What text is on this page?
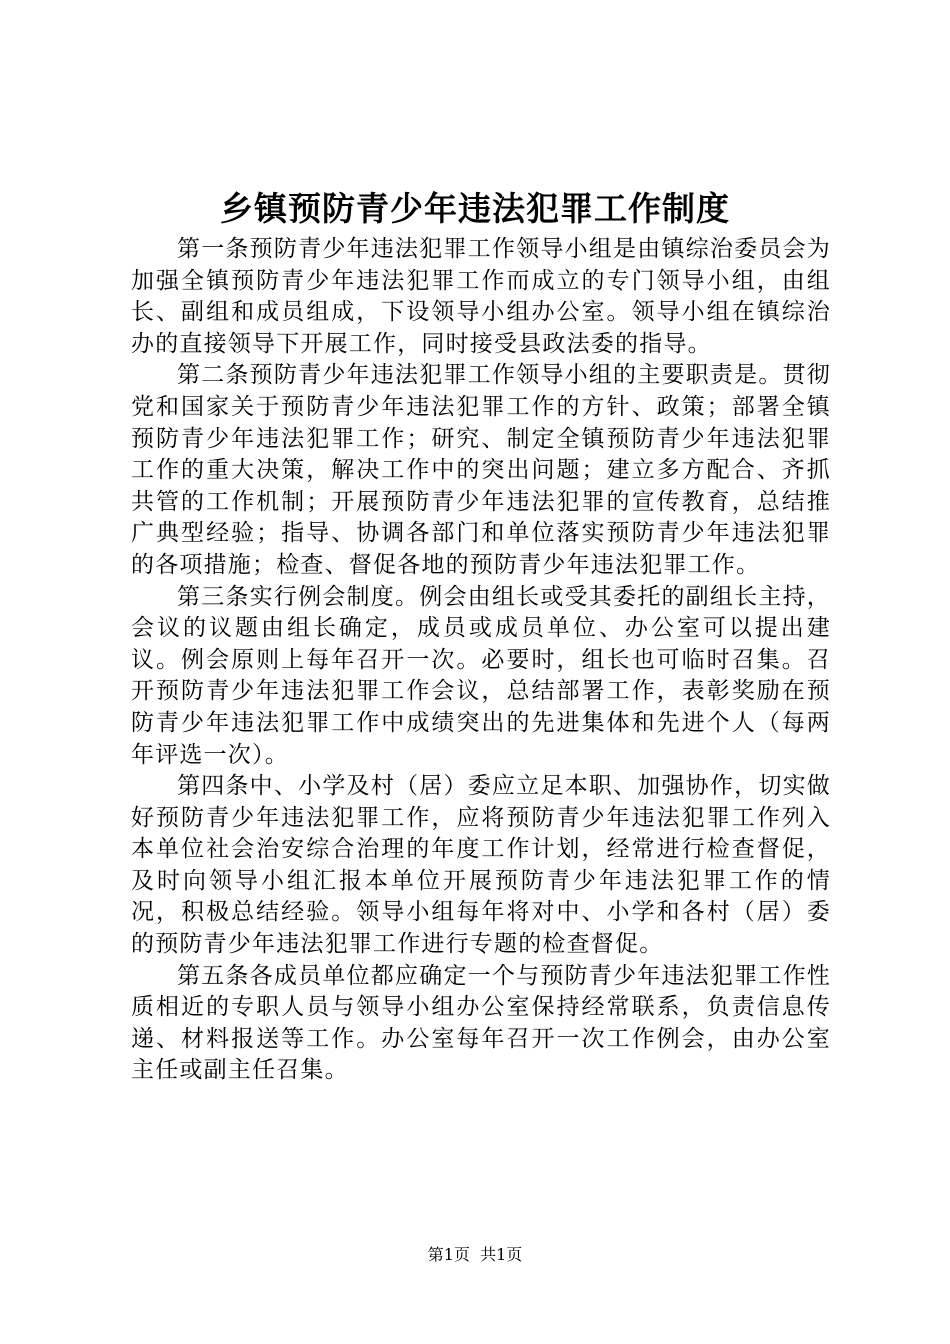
乡镇预防青少年违法犯罪工作制度

第一条预防青少年违法犯罪工作领导小组是由镇综治委员会为加强全镇预防青少年违法犯罪工作而成立的专门领导小组，由组长、副组和成员组成，下设领导小组办公室。领导小组在镇综治办的直接领导下开展工作，同时接受县政法委的指导。

第二条预防青少年违法犯罪工作领导小组的主要职责是。贯彻党和国家关于预防青少年违法犯罪工作的方针、政策；部署全镇预防青少年违法犯罪工作；研究、制定全镇预防青少年违法犯罪工作的重大决策，解决工作中的突出问题；建立多方配合、齐抓共管的工作机制；开展预防青少年违法犯罪的宣传教育，总结推广典型经验；指导、协调各部门和单位落实预防青少年违法犯罪的各项措施；检查、督促各地的预防青少年违法犯罪工作。

第三条实行例会制度。例会由组长或受其委托的副组长主持，会议的议题由组长确定，成员或成员单位、办公室可以提出建议。例会原则上每年召开一次。必要时，组长也可临时召集。召开预防青少年违法犯罪工作会议，总结部署工作，表彰奖励在预防青少年违法犯罪工作中成绩突出的先进集体和先进个人（每两年评选一次）。

第四条中、小学及村（居）委应立足本职、加强协作，切实做好预防青少年违法犯罪工作，应将预防青少年违法犯罪工作列入本单位社会治安综合治理的年度工作计划，经常进行检查督促，及时向领导小组汇报本单位开展预防青少年违法犯罪工作的情况，积极总结经验。领导小组每年将对中、小学和各村（居）委的预防青少年违法犯罪工作进行专题的检查督促。

第五条各成员单位都应确定一个与预防青少年违法犯罪工作性质相近的专职人员与领导小组办公室保持经常联系，负责信息传递、材料报送等工作。办公室每年召开一次工作例会，由办公室主任或副主任召集。

第1页 共1页
